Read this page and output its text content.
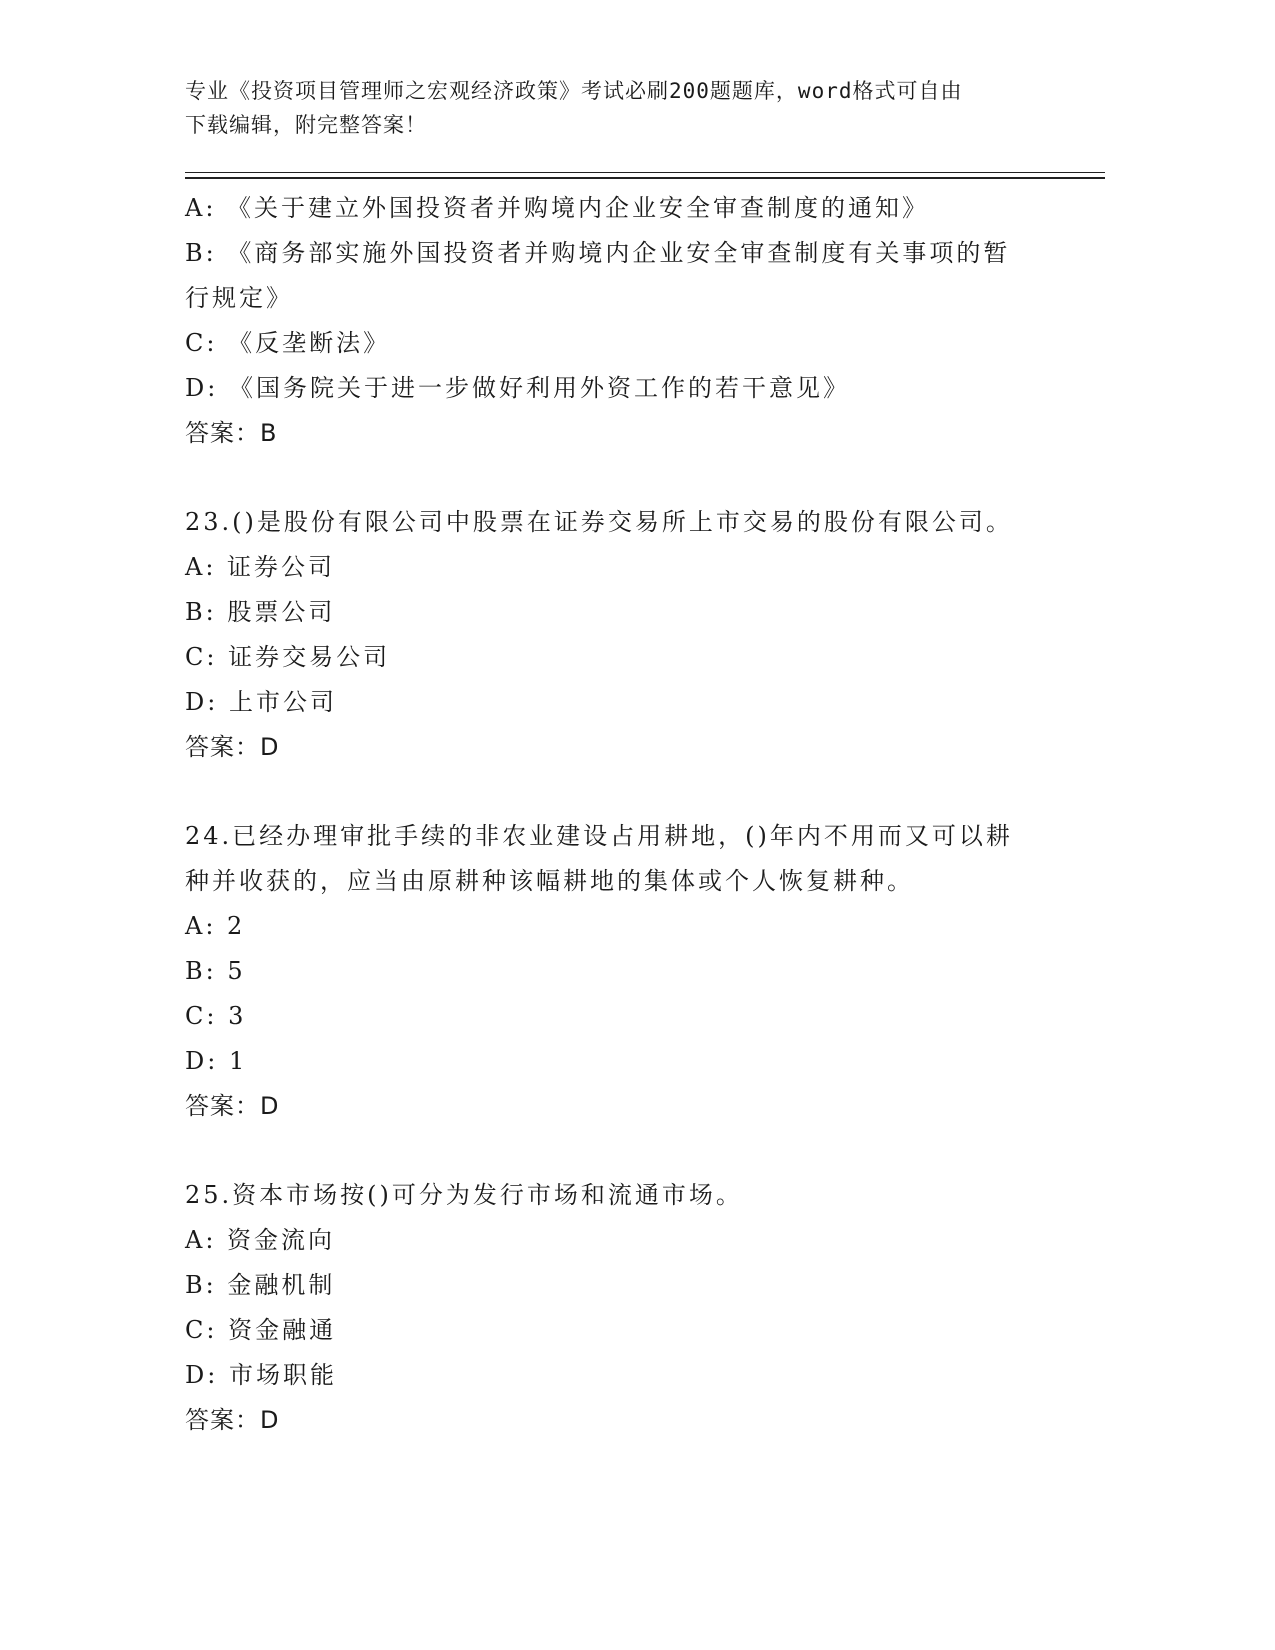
专业《投资项目管理师之宏观经济政策》考试必刷200题题库，word格式可自由
下载编辑，附完整答案！
A: 《关于建立外国投资者并购境内企业安全审查制度的通知》
B: 《商务部实施外国投资者并购境内企业安全审查制度有关事项的暂
行规定》
C: 《反垄断法》
D: 《国务院关于进一步做好利用外资工作的若干意见》
答案：B
23.()是股份有限公司中股票在证券交易所上市交易的股份有限公司。
A: 证券公司
B: 股票公司
C: 证券交易公司
D: 上市公司
答案：D
24.已经办理审批手续的非农业建设占用耕地，()年内不用而又可以耕
种并收获的，应当由原耕种该幅耕地的集体或个人恢复耕种。
A: 2
B: 5
C: 3
D: 1
答案：D
25.资本市场按()可分为发行市场和流通市场。
A: 资金流向
B: 金融机制
C: 资金融通
D: 市场职能
答案：D
